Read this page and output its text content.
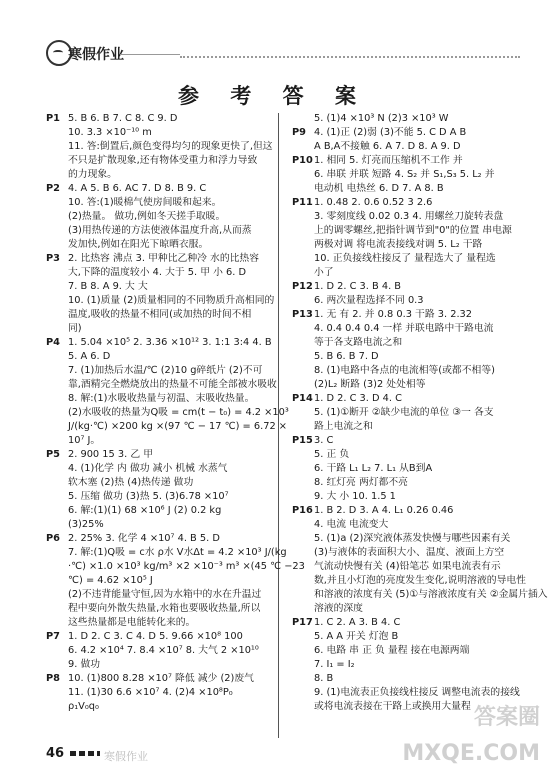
寒假作业
参 考 答 案
P1 5. B 6. B 7. C 8. C 9. D
10. 3.3 ×10⁻¹⁰ m
11. 答:倒置后,颜色变得均匀的现象更快了,但这
不只是扩散现象,还有物体受重力和浮力导致
的力现象。
P2 4. A 5. B 6. AC 7. D 8. B 9. C
10. 答:(1)暖棉气使房间暖和起来。
(2)热量。 做功,例如冬天搓手取暖。
(3)用热传递的方法使液体温度升高,从而蒸
发加快,例如在阳光下晾晒衣服。
P3 2. 比热容 沸点 3. 甲种比乙种冷 水的比热容
大,下降的温度较小 4. 大于 5. 甲 小 6. D
7. B 8. A 9. 大 大
10. (1)质量 (2)质量相同的不同物质升高相同的
温度,吸收的热量不相同(或加热的时间不相
同)
P4 1. 5.04 ×10⁵ 2. 3.36 ×10¹² 3. 1:1 3:4 4. B
5. A 6. D
7. (1)加热后水温/℃ (2)10 g碎纸片 (2)不可
靠,酒精完全燃烧放出的热量不可能全部被水吸收
8. 解:(1)水吸收热量与初温、末吸收热量。
(2)水吸收的热量为Q吸 = cm(t − t₀) = 4.2 ×10³
J/(kg·℃) ×200 kg ×(97 ℃ − 17 ℃) = 6.72 ×
10⁷ J。
P5 2. 900 15 3. 乙 甲
4. (1)化学 内 做功 减小 机械 水蒸气
软木塞 (2)热 (4)热传递 做功
5. 压缩 做功 (3)热 5. (3)6.78 ×10⁷
6. 解:(1)(1) 68 ×10⁶ J (2) 0.2 kg
(3)25%
P6 2. 25% 3. 化学 4 ×10⁷ 4. B 5. D
7. 解:(1)Q吸 = c水 ρ水 V水Δt = 4.2 ×10³ J/(kg
·℃) ×1.0 ×10³ kg/m³ ×2 ×10⁻³ m³ ×(45 ℃ −23
℃) = 4.62 ×10⁵ J
(2)不违背能量守恒,因为水箱中的水在升温过
程中要向外散失热量,水箱也要吸收热量,所以
这些热量都是电能转化来的。
P7 1. D 2. C 3. C 4. D 5. 9.66 ×10⁸ 100
6. 4.2 ×10⁴ 7. 8.4 ×10⁷ 8. 大气 2 ×10¹⁰
9. 做功
P8 10. (1)800 8.28 ×10⁷ 降低 减少 (2)废气
11. (1)30 6.6 ×10⁷ 4. (2)4 ×10⁸P₀
ρ₁V₀q₀
5. (1)4 ×10³ N (2)3 ×10³ W
P9 4. (1)正 (2)弱 (3)不能 5. C D A B
A B,A不接触 6. A 7. D 8. A 9. D
P10 1. 相同 5. 灯亮而压缩机不工作 并
6. 串联 并联 短路 4. S₂ 并 S₁,S₃ 5. L₂ 并
电动机 电热丝 6. D 7. A 8. B
P11 1. 0.48 2. 0.6 0.52 3 2.6
3. 零刻度线 0.02 0.3 4. 用螺丝刀旋转表盘
上的调零螺丝,把指针调节到"0"的位置 串电源
两极对调 将电流表接线对调 5. L₂ 干路
10. 正负接线柱接反了 量程选大了 量程选
小了
P12 1. D 2. C 3. B 4. B
6. 两次量程选择不同 0.3
P13 1. 无 有 2. 并 0.8 0.3 干路 3. 2.32
4. 0.4 0.4 0.4 一样 并联电路中干路电流
等于各支路电流之和
5. B 6. B 7. D
8. (1)电路中各点的电流相等(或都不相等)
(2)L₂ 断路 (3)2 处处相等
P14 1. D 2. C 3. D 4. C
5. (1)①断开 ②缺少电流的单位 ③一 各支
路上电流之和
P15 3. C
5. 正 负
6. 干路 L₁ L₂ 7. L₁ 从B到A
8. 红灯亮 两灯都不亮
9. 大 小 10. 1.5 1
P16 1. B 2. D 3. A 4. L₁ 0.26 0.46
4. 电流 电流变大
5. (1)a (2)深究液体蒸发快慢与哪些因素有关
(3)与液体的表面积大小、温度、液面上方空
气流动快慢有关 (4)铅笔芯 如果电流表有示
数,并且小灯泡的亮度发生变化,说明溶液的导电性
和溶液的浓度有关 (5)①与溶液浓度有关 ②金属片插入
溶液的深度
P17 1. C 2. A 3. B 4. C
5. A A 开关 灯泡 B
6. 电路 串 正 负 量程 接在电源两端
7. I₁ = I₂
8. B
9. (1)电流表正负接线柱接反 调整电流表的接线
或将电流表接在干路上或换用大量程
46	寒假作业
答案圈
MXQE.COM
